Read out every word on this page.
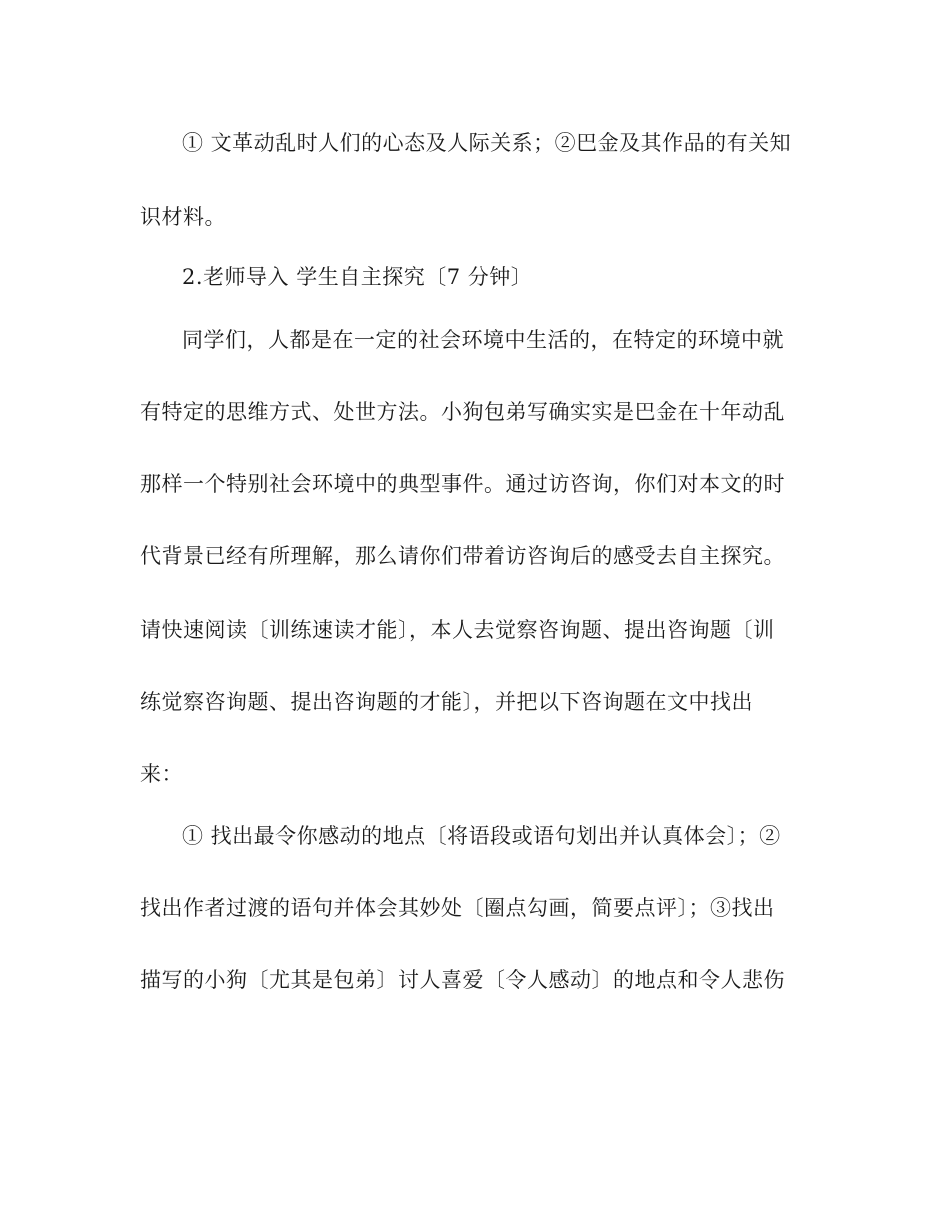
① 文革动乱时人们的心态及人际关系；②巴金及其作品的有关知
识材料。
2.老师导入 学生自主探究〔7 分钟〕
同学们，人都是在一定的社会环境中生活的，在特定的环境中就
有特定的思维方式、处世方法。小狗包弟写确实实是巴金在十年动乱
那样一个特别社会环境中的典型事件。通过访咨询，你们对本文的时
代背景已经有所理解，那么请你们带着访咨询后的感受去自主探究。
请快速阅读〔训练速读才能〕，本人去觉察咨询题、提出咨询题〔训
练觉察咨询题、提出咨询题的才能〕，并把以下咨询题在文中找出
来：
① 找出最令你感动的地点〔将语段或语句划出并认真体会〕；②
找出作者过渡的语句并体会其妙处〔圈点勾画，简要点评〕；③找出
描写的小狗〔尤其是包弟〕讨人喜爱〔令人感动〕的地点和令人悲伤
